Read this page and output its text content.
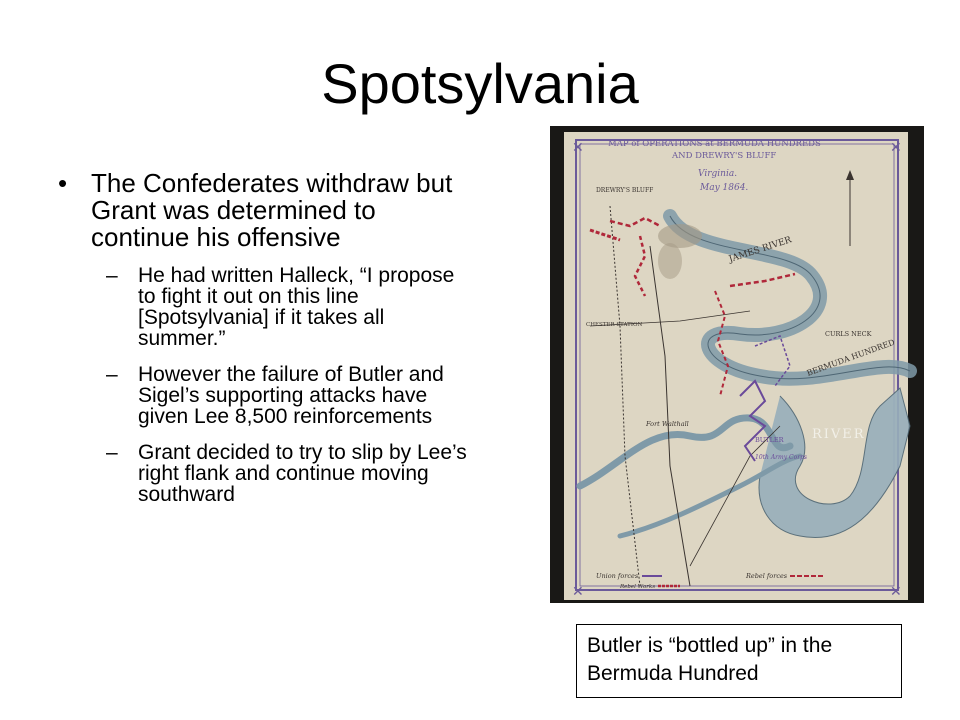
Spotsylvania
• The Confederates withdraw but Grant was determined to continue his offensive
– He had written Halleck, “I propose to fight it out on this line [Spotsylvania] if it takes all summer.”
– However the failure of Butler and Sigel’s supporting attacks have given Lee 8,500 reinforcements
– Grant decided to try to slip by Lee’s right flank and continue moving southward
✕	✕
✕	✕
MAP of OPERATIONS at BERMUDA HUNDREDS
AND DREWRY'S BLUFF
Virginia.
May 1864.
DREWRY'S BLUFF
JAMES RIVER
RIVER
BERMUDA HUNDRED
CURLS NECK
Fort Walthall
BUTLER
10th Army Corps
CHESTER STATION
Union forces	Rebel forces
Rebel Works
Butler is “bottled up” in the Bermuda Hundred
